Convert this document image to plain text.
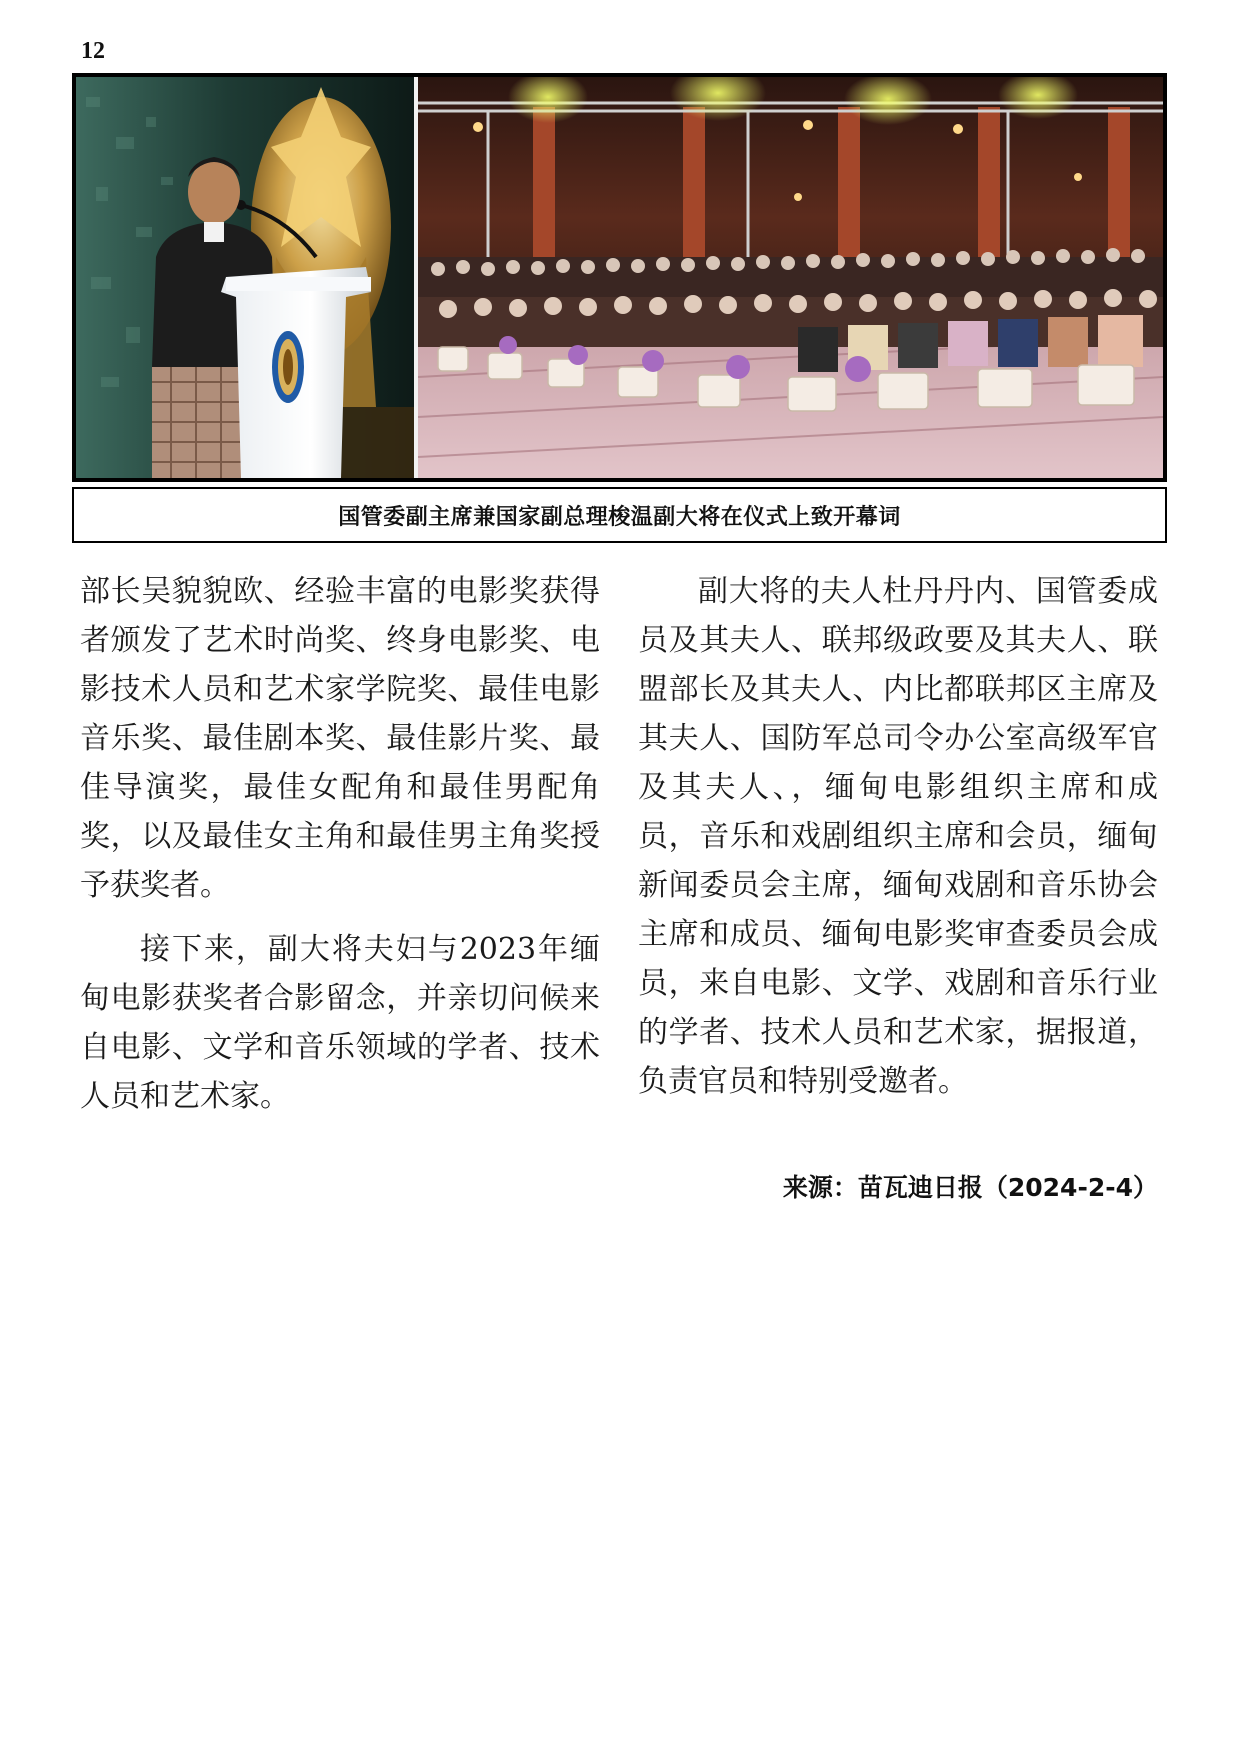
12
国管委副主席兼国家副总理梭温副大将在仪式上致开幕词

部长吴貌貌欧、经验丰富的电影奖获得者颁发了艺术时尚奖、终身电影奖、电影技术人员和艺术家学院奖、最佳电影音乐奖、最佳剧本奖、最佳影片奖、最佳导演奖，最佳女配角和最佳男配角奖，以及最佳女主角和最佳男主角奖授予获奖者。

接下来，副大将夫妇与2023年缅甸电影获奖者合影留念，并亲切问候来自电影、文学和音乐领域的学者、技术人员和艺术家。

副大将的夫人杜丹丹内、国管委成员及其夫人、联邦级政要及其夫人、联盟部长及其夫人、内比都联邦区主席及其夫人、国防军总司令办公室高级军官及其夫人、，缅甸电影组织主席和成员，音乐和戏剧组织主席和会员，缅甸新闻委员会主席，缅甸戏剧和音乐协会主席和成员、缅甸电影奖审查委员会成员，来自电影、文学、戏剧和音乐行业的学者、技术人员和艺术家，据报道，负责官员和特别受邀者。

来源：苗瓦迪日报（2024-2-4）
